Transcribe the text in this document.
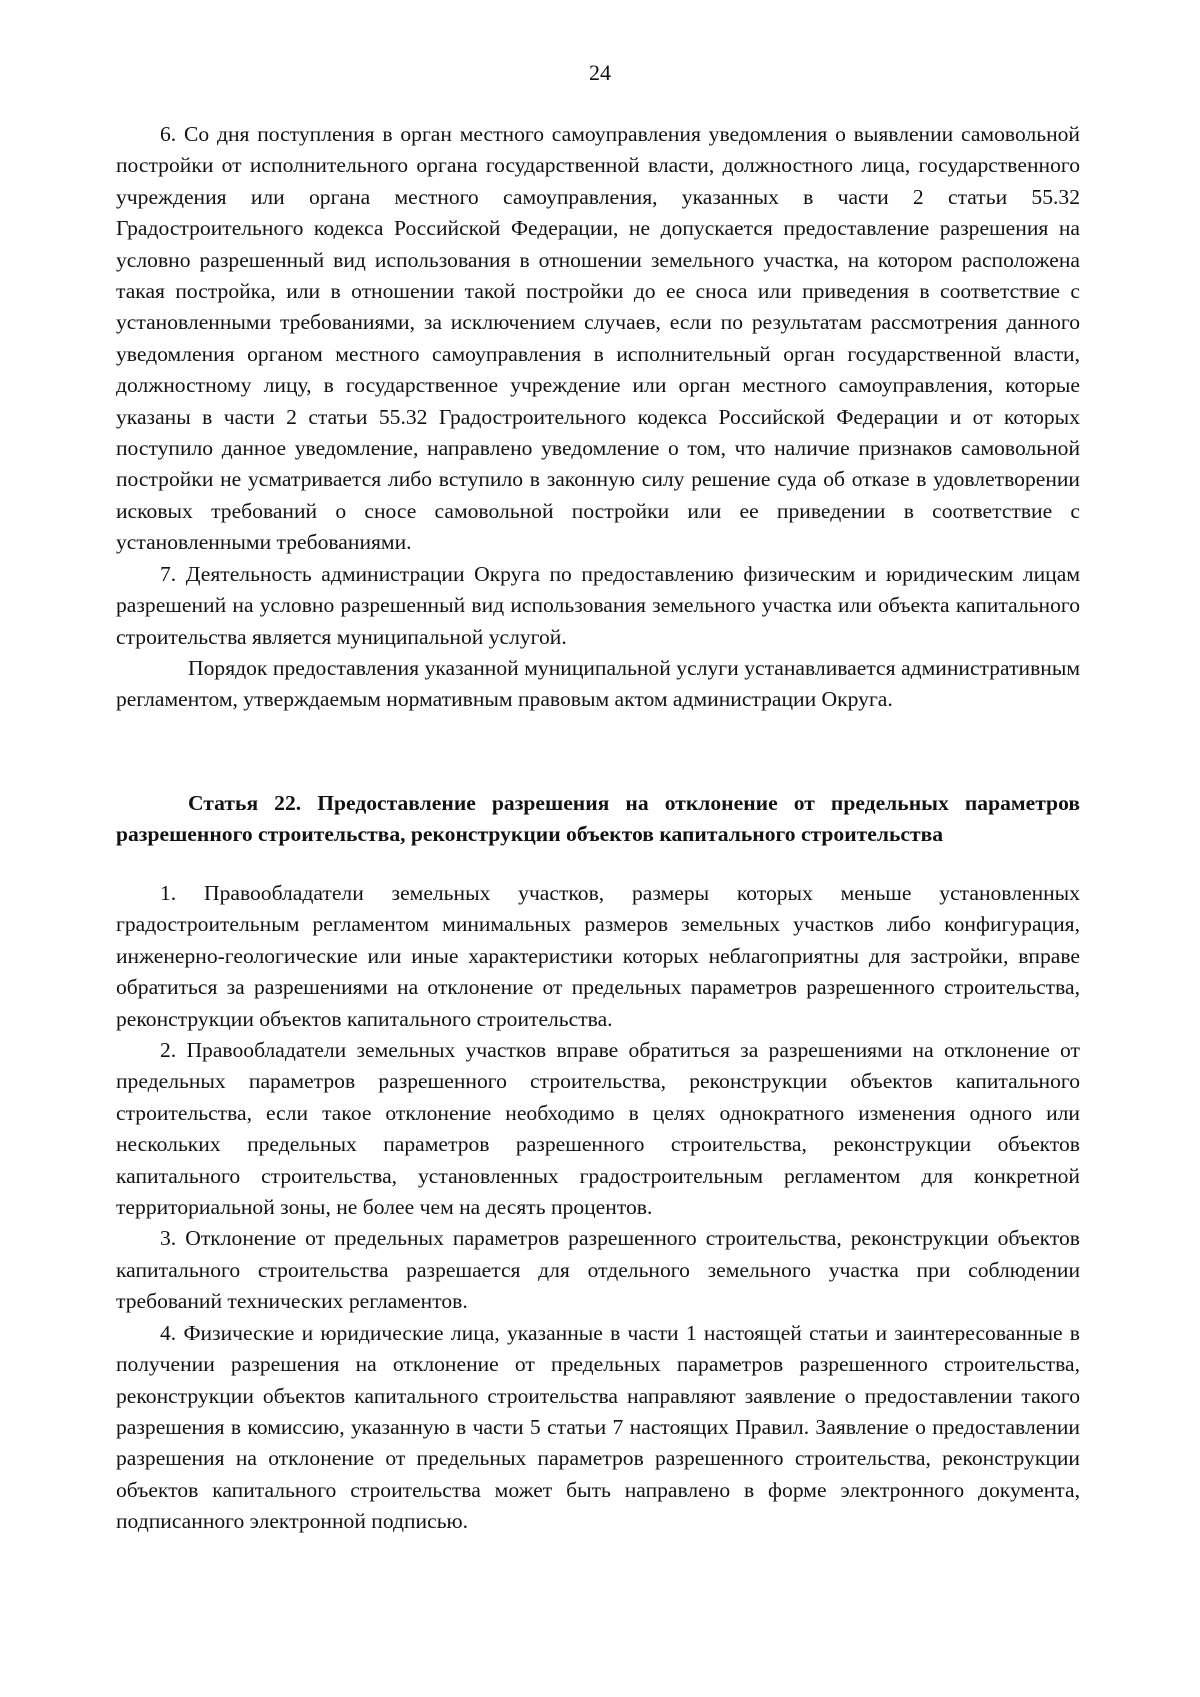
24

6. Со дня поступления в орган местного самоуправления уведомления о выявлении самовольной постройки от исполнительного органа государственной власти, должностного лица, государственного учреждения или органа местного самоуправления, указанных в части 2 статьи 55.32 Градостроительного кодекса Российской Федерации, не допускается предоставление разрешения на условно разрешенный вид использования в отношении земельного участка, на котором расположена такая постройка, или в отношении такой постройки до ее сноса или приведения в соответствие с установленными требованиями, за исключением случаев, если по результатам рассмотрения данного уведомления органом местного самоуправления в исполнительный орган государственной власти, должностному лицу, в государственное учреждение или орган местного самоуправления, которые указаны в части 2 статьи 55.32 Градостроительного кодекса Российской Федерации и от которых поступило данное уведомление, направлено уведомление о том, что наличие признаков самовольной постройки не усматривается либо вступило в законную силу решение суда об отказе в удовлетворении исковых требований о сносе самовольной постройки или ее приведении в соответствие с установленными требованиями.

7. Деятельность администрации Округа по предоставлению физическим и юридическим лицам разрешений на условно разрешенный вид использования земельного участка или объекта капитального строительства является муниципальной услугой.

Порядок предоставления указанной муниципальной услуги устанавливается административным регламентом, утверждаемым нормативным правовым актом администрации Округа.

Статья 22. Предоставление разрешения на отклонение от предельных параметров разрешенного строительства, реконструкции объектов капитального строительства

1. Правообладатели земельных участков, размеры которых меньше установленных градостроительным регламентом минимальных размеров земельных участков либо конфигурация, инженерно-геологические или иные характеристики которых неблагоприятны для застройки, вправе обратиться за разрешениями на отклонение от предельных параметров разрешенного строительства, реконструкции объектов капитального строительства.

2. Правообладатели земельных участков вправе обратиться за разрешениями на отклонение от предельных параметров разрешенного строительства, реконструкции объектов капитального строительства, если такое отклонение необходимо в целях однократного изменения одного или нескольких предельных параметров разрешенного строительства, реконструкции объектов капитального строительства, установленных градостроительным регламентом для конкретной территориальной зоны, не более чем на десять процентов.

3. Отклонение от предельных параметров разрешенного строительства, реконструкции объектов капитального строительства разрешается для отдельного земельного участка при соблюдении требований технических регламентов.

4. Физические и юридические лица, указанные в части 1 настоящей статьи и заинтересованные в получении разрешения на отклонение от предельных параметров разрешенного строительства, реконструкции объектов капитального строительства направляют заявление о предоставлении такого разрешения в комиссию, указанную в части 5 статьи 7 настоящих Правил. Заявление о предоставлении разрешения на отклонение от предельных параметров разрешенного строительства, реконструкции объектов капитального строительства может быть направлено в форме электронного документа, подписанного электронной подписью.
